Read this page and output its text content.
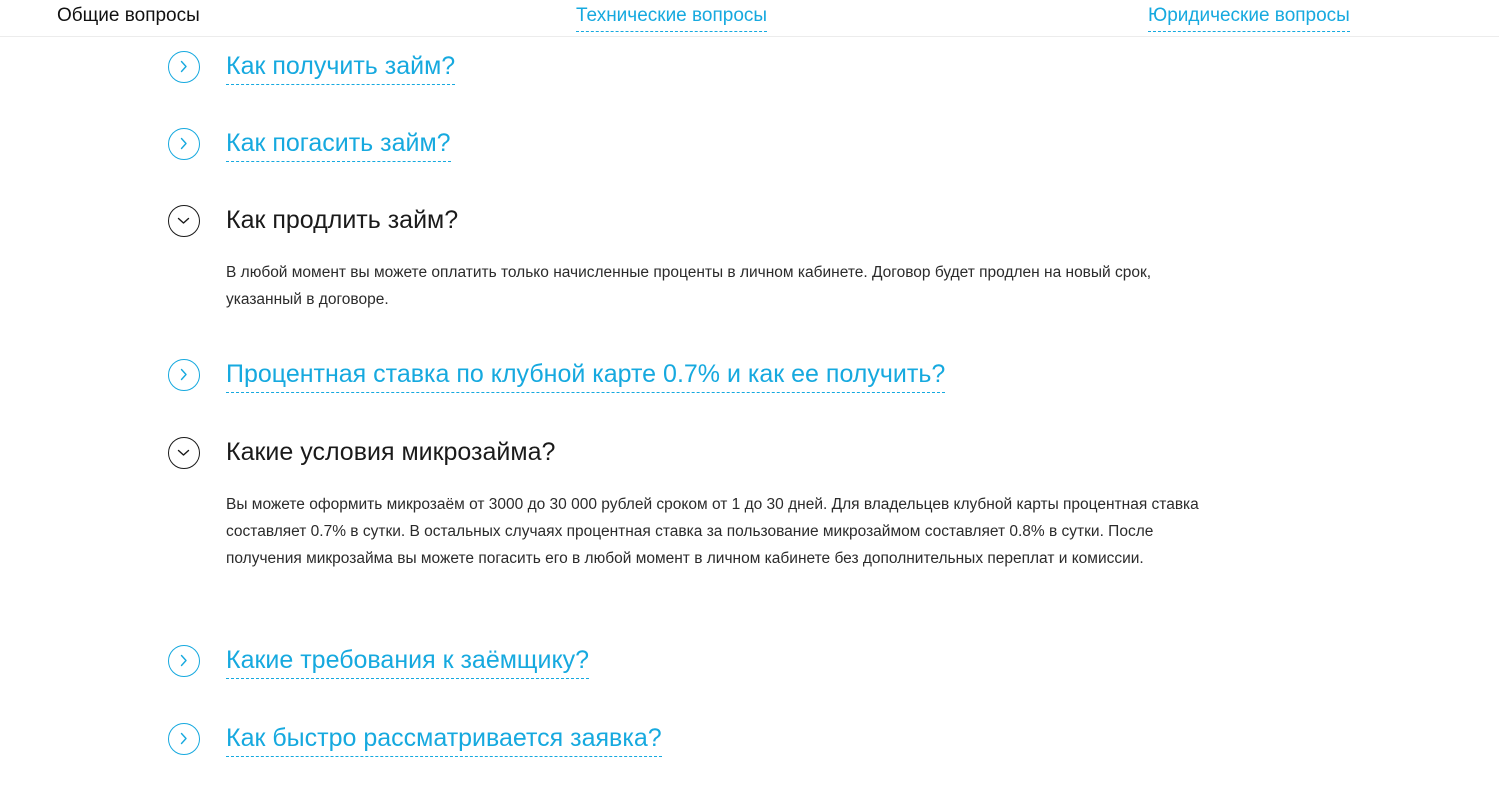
Общие вопросы	Технические вопросы	Юридические вопросы
Как получить займ?
Как погасить займ?
Как продлить займ?
В любой момент вы можете оплатить только начисленные проценты в личном кабинете. Договор будет продлен на новый срок, указанный в договоре.
Процентная ставка по клубной карте 0.7% и как ее получить?
Какие условия микрозайма?
Вы можете оформить микрозаём от 3000 до 30 000 рублей сроком от 1 до 30 дней. Для владельцев клубной карты процентная ставка составляет 0.7% в сутки. В остальных случаях процентная ставка за пользование микрозаймом составляет 0.8% в сутки. После получения микрозайма вы можете погасить его в любой момент в личном кабинете без дополнительных переплат и комиссии.
Какие требования к заёмщику?
Как быстро рассматривается заявка?
